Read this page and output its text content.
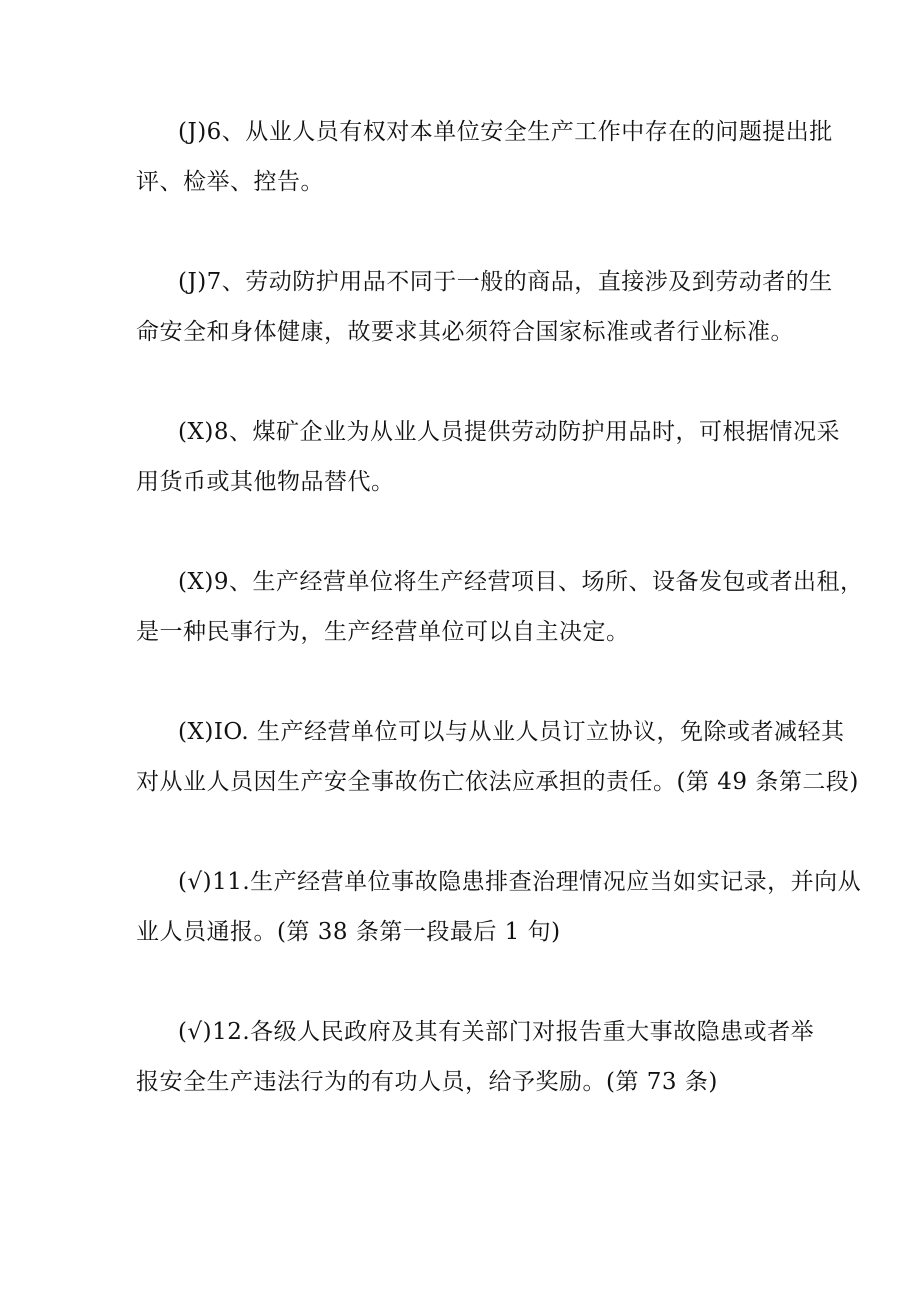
(J)6、从业人员有权对本单位安全生产工作中存在的问题提出批
评、检举、控告。
(J)7、劳动防护用品不同于一般的商品，直接涉及到劳动者的生
命安全和身体健康，故要求其必须符合国家标准或者行业标准。
(X)8、煤矿企业为从业人员提供劳动防护用品时，可根据情况采
用货币或其他物品替代。
(X)9、生产经营单位将生产经营项目、场所、设备发包或者出租，
是一种民事行为，生产经营单位可以自主决定。
(X)IO. 生产经营单位可以与从业人员订立协议，免除或者减轻其
对从业人员因生产安全事故伤亡依法应承担的责任。(第 49 条第二段)
(√)11.生产经营单位事故隐患排查治理情况应当如实记录，并向从
业人员通报。(第 38 条第一段最后 1 句)
(√)12.各级人民政府及其有关部门对报告重大事故隐患或者举
报安全生产违法行为的有功人员，给予奖励。(第 73 条)
